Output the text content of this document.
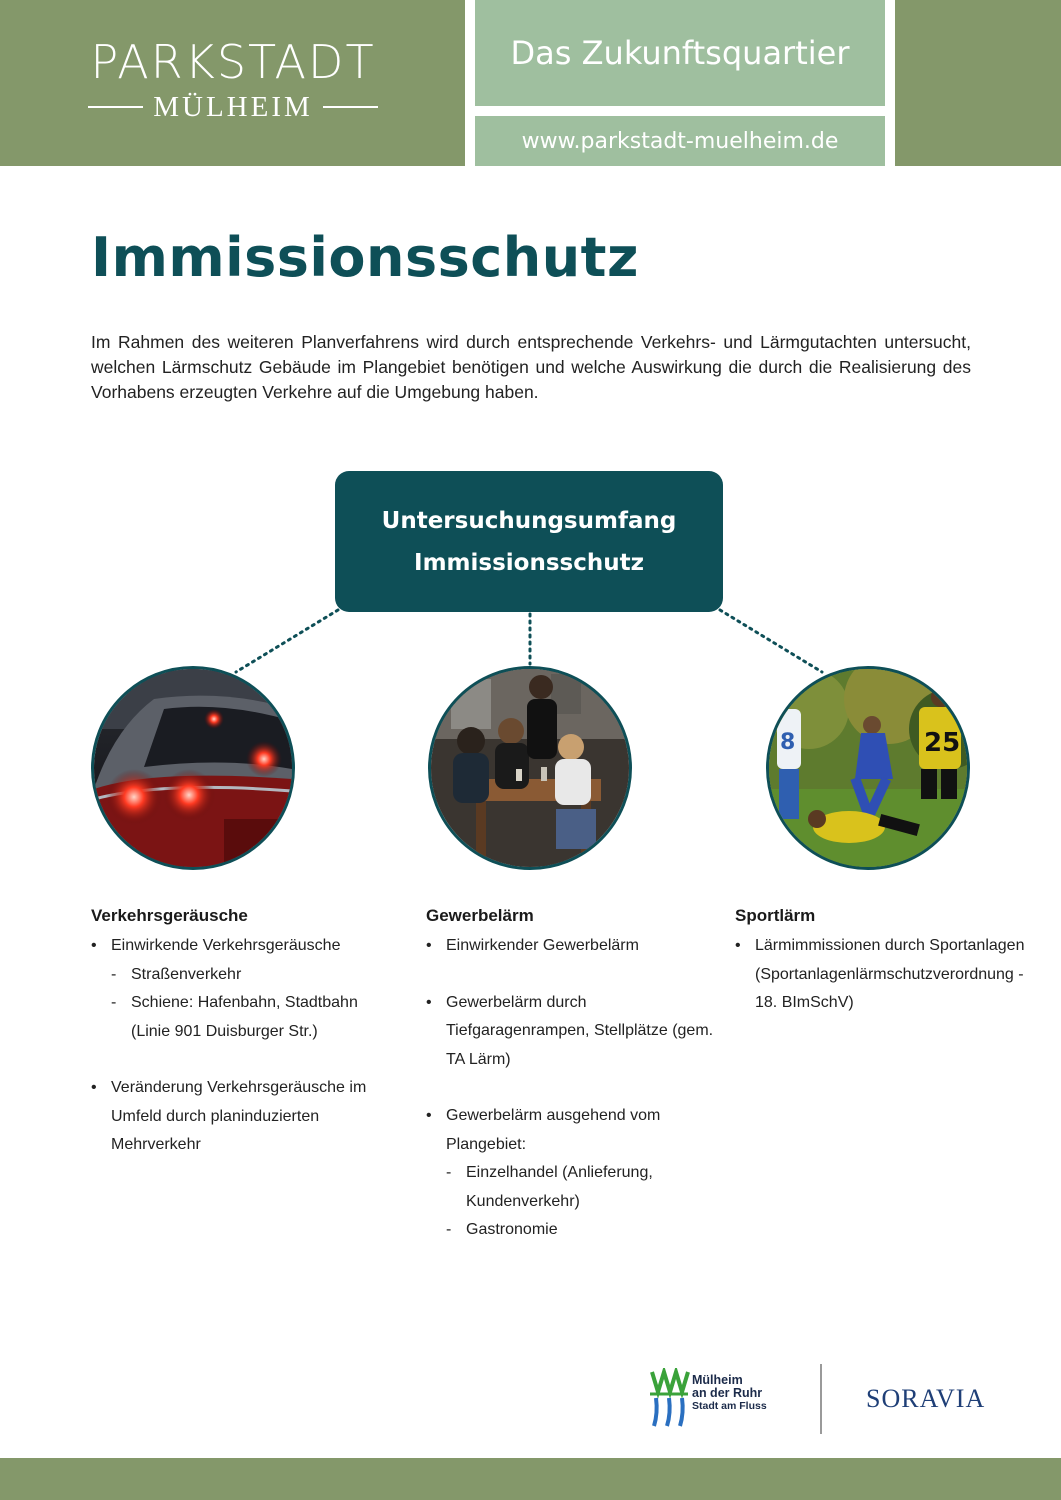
PARKSTADT
MÜLHEIM
Das Zukunftsquartier
www.parkstadt-muelheim.de
Immissionsschutz

Im Rahmen des weiteren Planverfahrens wird durch entsprechende Verkehrs- und Lärmgutachten untersucht, welchen Lärmschutz Gebäude im Plangebiet benötigen und welche Auswirkung die durch die Realisierung des Vorhabens erzeugten Verkehre auf die Umgebung haben.

Untersuchungsumfang
Immissionsschutz
8	25
Verkehrsgeräusche
• Einwirkende Verkehrsgeräusche
- Straßenverkehr
- Schiene: Hafenbahn, Stadtbahn (Linie 901 Duisburger Str.)
• Veränderung Verkehrsgeräusche im Umfeld durch planinduzierten Mehrverkehr
Gewerbelärm
• Einwirkender Gewerbelärm
• Gewerbelärm durch Tiefgaragenrampen, Stellplätze (gem. TA Lärm)
• Gewerbelärm ausgehend vom Plangebiet:
- Einzelhandel (Anlieferung, Kundenverkehr)
- Gastronomie
Sportlärm
• Lärmimmissionen durch Sportanlagen (Sportanlagenlärmschutzverordnung - 18. BImSchV)
Mülheim
an der Ruhr
Stadt am Fluss	SORAVIA
